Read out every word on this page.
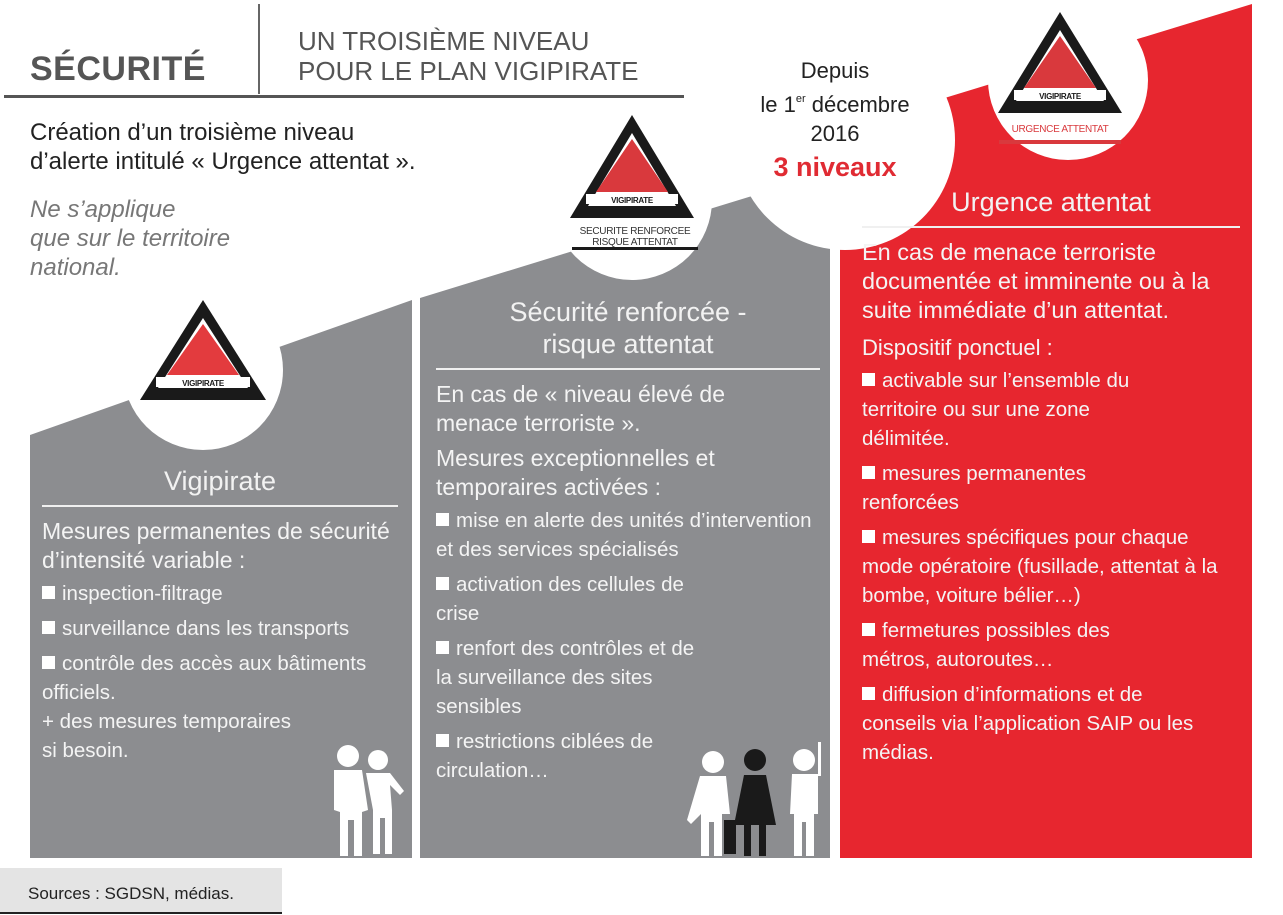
SÉCURITÉ
UN TROISIÈME NIVEAU
POUR LE PLAN VIGIPIRATE
Création d’un troisième niveau
d’alerte intitulé « Urgence attentat ».
Ne s’applique
que sur le territoire
national.
Depuis
le 1er décembre
2016
3 niveaux
SECURITE RENFORCEE
RISQUE ATTENTAT
URGENCE ATTENTAT
VIGIPIRATE
VIGIPIRATE
VIGIPIRATE
Vigipirate
Mesures permanentes de sécurité d’intensité variable :
inspection-filtrage
surveillance dans les transports
contrôle des accès aux bâtiments officiels.
+ des mesures temporaires si besoin.
Sécurité renforcée -
risque attentat
En cas de « niveau élevé de menace terroriste ».
Mesures exceptionnelles et temporaires activées :
mise en alerte des unités d’intervention et des services spécialisés
activation des cellules de crise
renfort des contrôles et de la surveillance des sites sensibles
restrictions ciblées de circulation…
Urgence attentat
En cas de menace terroriste documentée et imminente ou à la suite immédiate d’un attentat.
Dispositif ponctuel :
activable sur l’ensemble du territoire ou sur une zone délimitée.
mesures permanentes renforcées
mesures spécifiques pour chaque mode opératoire (fusillade, attentat à la bombe, voiture bélier…)
fermetures possibles des métros, autoroutes…
diffusion d’informations et de conseils via l’application SAIP ou les médias.
Sources : SGDSN, médias.
